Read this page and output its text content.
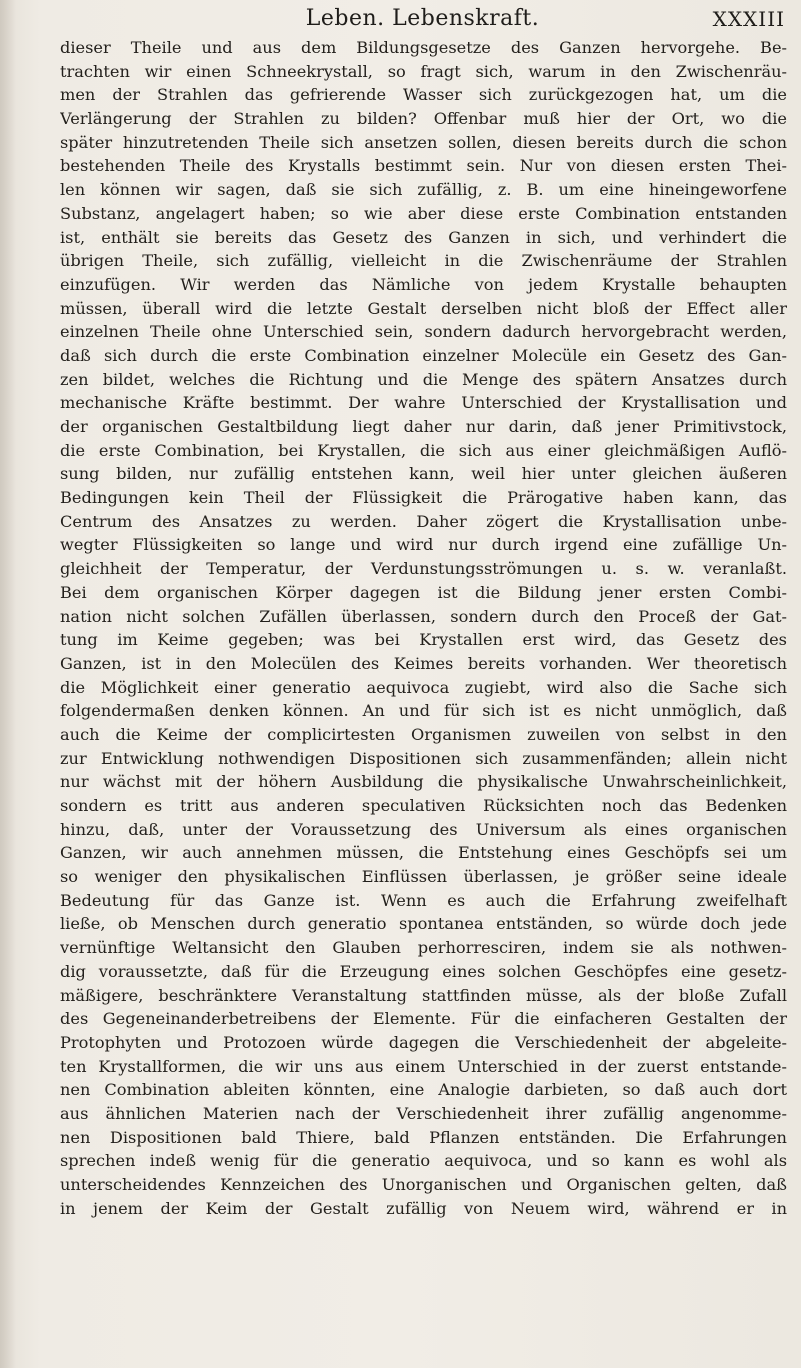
Leben. Lebenskraft.	XXXIII
dieser Theile und aus dem Bildungsgesetze des Ganzen hervorgehe. Be-
trachten wir einen Schneekrystall, so fragt sich, warum in den Zwischenräu-
men der Strahlen das gefrierende Wasser sich zurückgezogen hat, um die
Verlängerung der Strahlen zu bilden? Offenbar muß hier der Ort, wo die
später hinzutretenden Theile sich ansetzen sollen, diesen bereits durch die schon
bestehenden Theile des Krystalls bestimmt sein. Nur von diesen ersten Thei-
len können wir sagen, daß sie sich zufällig, z. B. um eine hineingeworfene
Substanz, angelagert haben; so wie aber diese erste Combination entstanden
ist, enthält sie bereits das Gesetz des Ganzen in sich, und verhindert die
übrigen Theile, sich zufällig, vielleicht in die Zwischenräume der Strahlen
einzufügen. Wir werden das Nämliche von jedem Krystalle behaupten
müssen, überall wird die letzte Gestalt derselben nicht bloß der Effect aller
einzelnen Theile ohne Unterschied sein, sondern dadurch hervorgebracht werden,
daß sich durch die erste Combination einzelner Molecüle ein Gesetz des Gan-
zen bildet, welches die Richtung und die Menge des spätern Ansatzes durch
mechanische Kräfte bestimmt. Der wahre Unterschied der Krystallisation und
der organischen Gestaltbildung liegt daher nur darin, daß jener Primitivstock,
die erste Combination, bei Krystallen, die sich aus einer gleichmäßigen Auflö-
sung bilden, nur zufällig entstehen kann, weil hier unter gleichen äußeren
Bedingungen kein Theil der Flüssigkeit die Prärogative haben kann, das
Centrum des Ansatzes zu werden. Daher zögert die Krystallisation unbe-
wegter Flüssigkeiten so lange und wird nur durch irgend eine zufällige Un-
gleichheit der Temperatur, der Verdunstungsströmungen u. s. w. veranlaßt.
Bei dem organischen Körper dagegen ist die Bildung jener ersten Combi-
nation nicht solchen Zufällen überlassen, sondern durch den Proceß der Gat-
tung im Keime gegeben; was bei Krystallen erst wird, das Gesetz des
Ganzen, ist in den Molecülen des Keimes bereits vorhanden. Wer theoretisch
die Möglichkeit einer generatio aequivoca zugiebt, wird also die Sache sich
folgendermaßen denken können. An und für sich ist es nicht unmöglich, daß
auch die Keime der complicirtesten Organismen zuweilen von selbst in den
zur Entwicklung nothwendigen Dispositionen sich zusammenfänden; allein nicht
nur wächst mit der höhern Ausbildung die physikalische Unwahrscheinlichkeit,
sondern es tritt aus anderen speculativen Rücksichten noch das Bedenken
hinzu, daß, unter der Voraussetzung des Universum als eines organischen
Ganzen, wir auch annehmen müssen, die Entstehung eines Geschöpfs sei um
so weniger den physikalischen Einflüssen überlassen, je größer seine ideale
Bedeutung für das Ganze ist. Wenn es auch die Erfahrung zweifelhaft
ließe, ob Menschen durch generatio spontanea entständen, so würde doch jede
vernünftige Weltansicht den Glauben perhorresciren, indem sie als nothwen-
dig voraussetzte, daß für die Erzeugung eines solchen Geschöpfes eine gesetz-
mäßigere, beschränktere Veranstaltung stattfinden müsse, als der bloße Zufall
des Gegeneinanderbetreibens der Elemente. Für die einfacheren Gestalten der
Protophyten und Protozoen würde dagegen die Verschiedenheit der abgeleite-
ten Krystallformen, die wir uns aus einem Unterschied in der zuerst entstande-
nen Combination ableiten könnten, eine Analogie darbieten, so daß auch dort
aus ähnlichen Materien nach der Verschiedenheit ihrer zufällig angenomme-
nen Dispositionen bald Thiere, bald Pflanzen entständen. Die Erfahrungen
sprechen indeß wenig für die generatio aequivoca, und so kann es wohl als
unterscheidendes Kennzeichen des Unorganischen und Organischen gelten, daß
in jenem der Keim der Gestalt zufällig von Neuem wird, während er in
